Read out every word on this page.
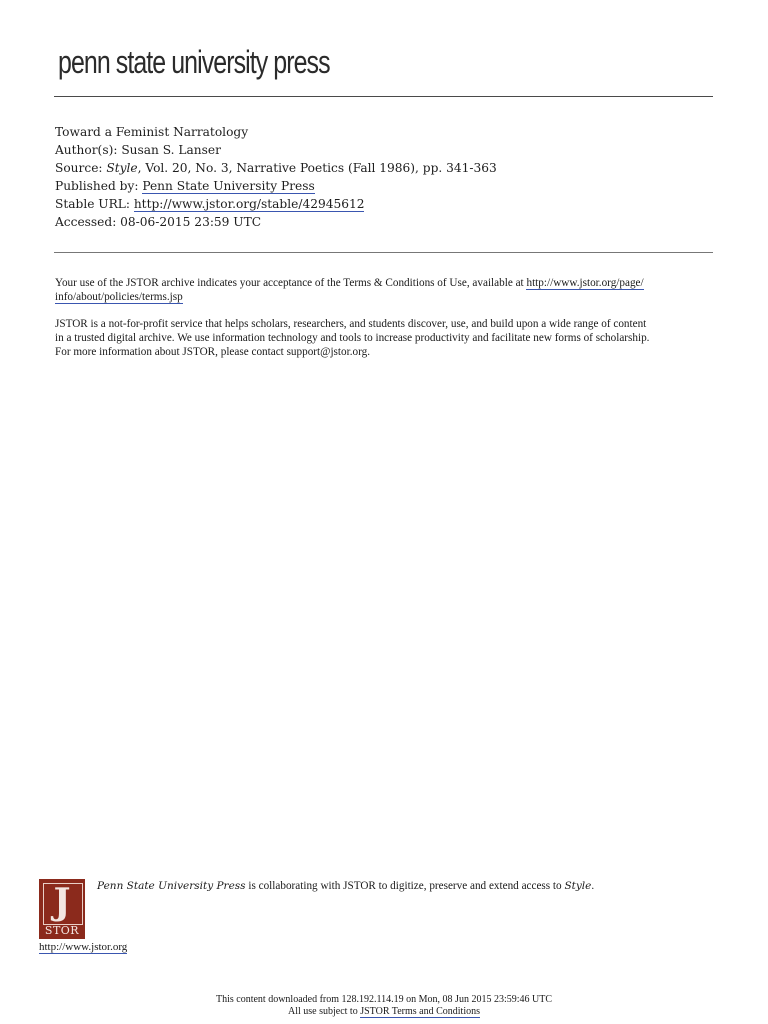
penn state university press
Toward a Feminist Narratology
Author(s): Susan S. Lanser
Source: Style, Vol. 20, No. 3, Narrative Poetics (Fall 1986), pp. 341-363
Published by: Penn State University Press
Stable URL: http://www.jstor.org/stable/42945612
Accessed: 08-06-2015 23:59 UTC

Your use of the JSTOR archive indicates your acceptance of the Terms & Conditions of Use, available at http://www.jstor.org/page/
info/about/policies/terms.jsp

JSTOR is a not-for-profit service that helps scholars, researchers, and students discover, use, and build upon a wide range of content
in a trusted digital archive. We use information technology and tools to increase productivity and facilitate new forms of scholarship.
For more information about JSTOR, please contact support@jstor.org.

J
STOR
http://www.jstor.org
Penn State University Press is collaborating with JSTOR to digitize, preserve and extend access to Style.
This content downloaded from 128.192.114.19 on Mon, 08 Jun 2015 23:59:46 UTC
All use subject to JSTOR Terms and Conditions
